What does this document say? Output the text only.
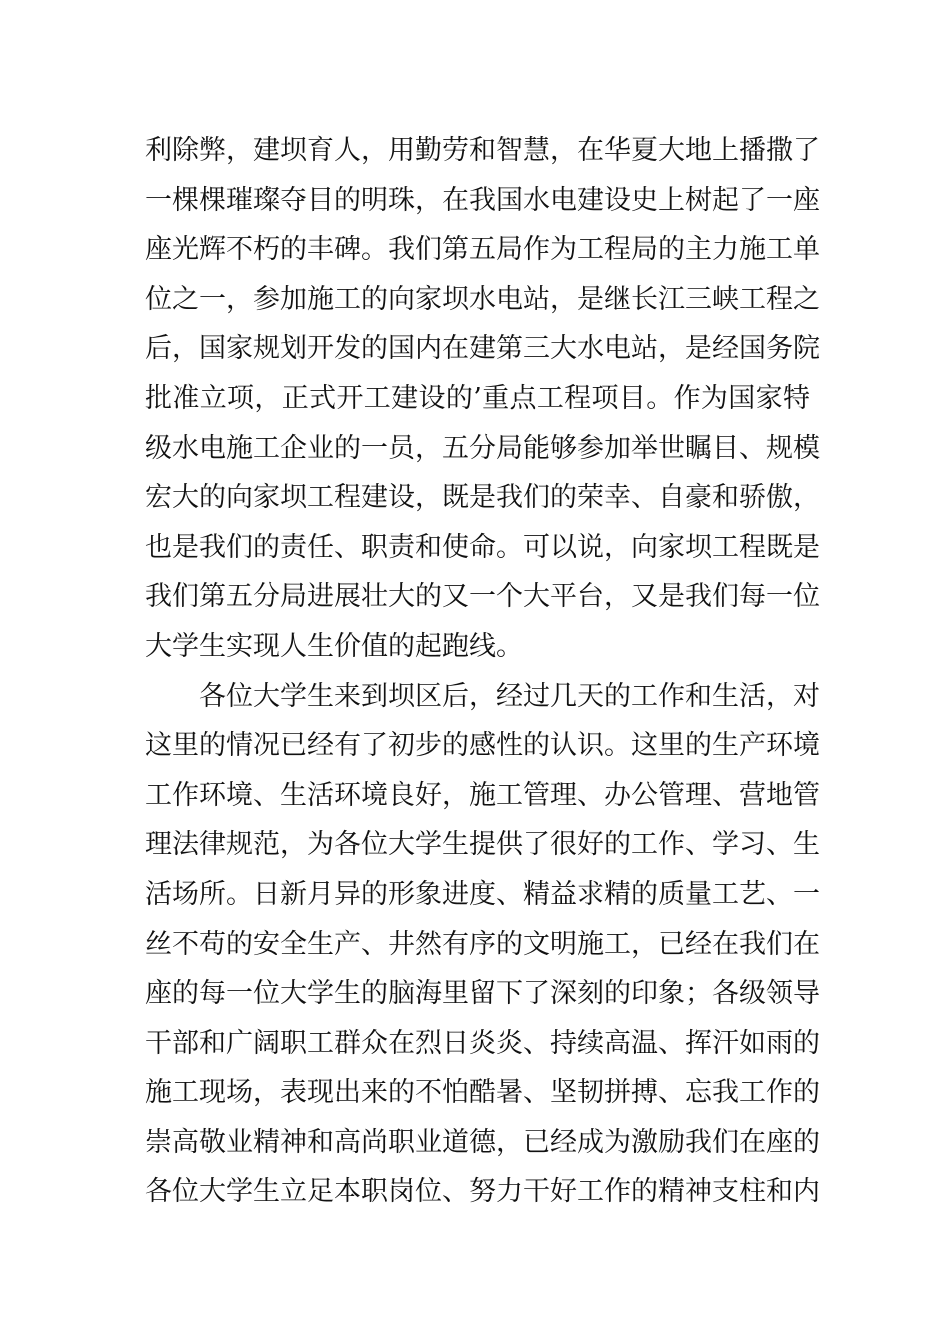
利除弊，建坝育人，用勤劳和智慧，在华夏大地上播撒了
一棵棵璀璨夺目的明珠，在我国水电建设史上树起了一座
座光辉不朽的丰碑。我们第五局作为工程局的主力施工单
位之一，参加施工的向家坝水电站，是继长江三峡工程之
后，国家规划开发的国内在建第三大水电站，是经国务院
批准立项，正式开工建设的’重点工程项目。作为国家特
级水电施工企业的一员，五分局能够参加举世瞩目、规模
宏大的向家坝工程建设，既是我们的荣幸、自豪和骄傲，
也是我们的责任、职责和使命。可以说，向家坝工程既是
我们第五分局进展壮大的又一个大平台，又是我们每一位
大学生实现人生价值的起跑线。
各位大学生来到坝区后，经过几天的工作和生活，对
这里的情况已经有了初步的感性的认识。这里的生产环境
工作环境、生活环境良好，施工管理、办公管理、营地管
理法律规范，为各位大学生提供了很好的工作、学习、生
活场所。日新月异的形象进度、精益求精的质量工艺、一
丝不苟的安全生产、井然有序的文明施工，已经在我们在
座的每一位大学生的脑海里留下了深刻的印象；各级领导
干部和广阔职工群众在烈日炎炎、持续高温、挥汗如雨的
施工现场，表现出来的不怕酷暑、坚韧拼搏、忘我工作的
崇高敬业精神和高尚职业道德，已经成为激励我们在座的
各位大学生立足本职岗位、努力干好工作的精神支柱和内
